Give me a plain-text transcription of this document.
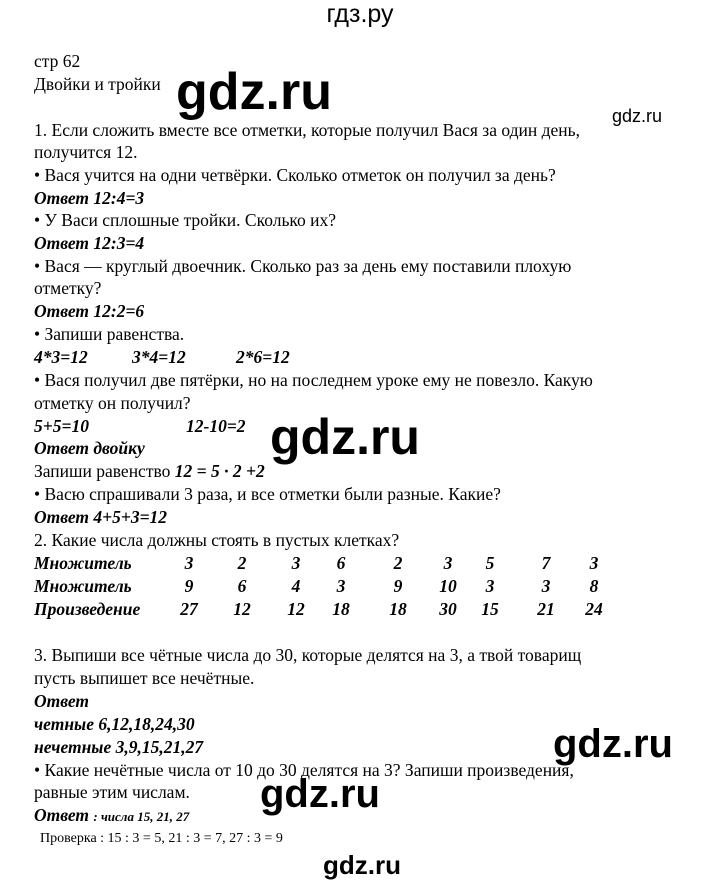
гдз.ру
стр 62
Двойки и тройки
1. Если сложить вместе все отметки, которые получил Вася за один день,
получится 12.
• Вася учится на одни четвёрки. Сколько отметок он получил за день?
Ответ 12:4=3
• У Васи сплошные тройки. Сколько их?
Ответ 12:3=4
• Вася — круглый двоечник. Сколько раз за день ему поставили плохую
отметку?
Ответ 12:2=6
• Запиши равенства.
4*3=12	3*4=12	2*6=12
• Вася получил две пятёрки, но на последнем уроке ему не повезло. Какую
отметку он получил?
5+5=10	12-10=2
Ответ двойку
Запиши равенство 12 = 5 · 2 +2
• Васю спрашивали 3 раза, и все отметки были разные. Какие?
Ответ 4+5+3=12
2. Какие числа должны стоять в пустых клетках?
Множитель	3	2	3	6	2	3	5	7	3
Множитель	9	6	4	3	9	10	3	3	8
Произведение	27	12	12	18	18	30	15	21	24
3. Выпиши все чётные числа до 30, которые делятся на 3, а твой товарищ
пусть выпишет все нечётные.
Ответ
четные 6,12,18,24,30
нечетные 3,9,15,21,27
• Какие нечётные числа от 10 до 30 делятся на 3? Запиши произведения,
равные этим числам.
Ответ : числа 15, 21, 27
Проверка : 15 : 3 = 5, 21 : 3 = 7, 27 : 3 = 9
gdz.ru	gdz.ru
gdz.ru
gdz.ru
gdz.ru
gdz.ru
